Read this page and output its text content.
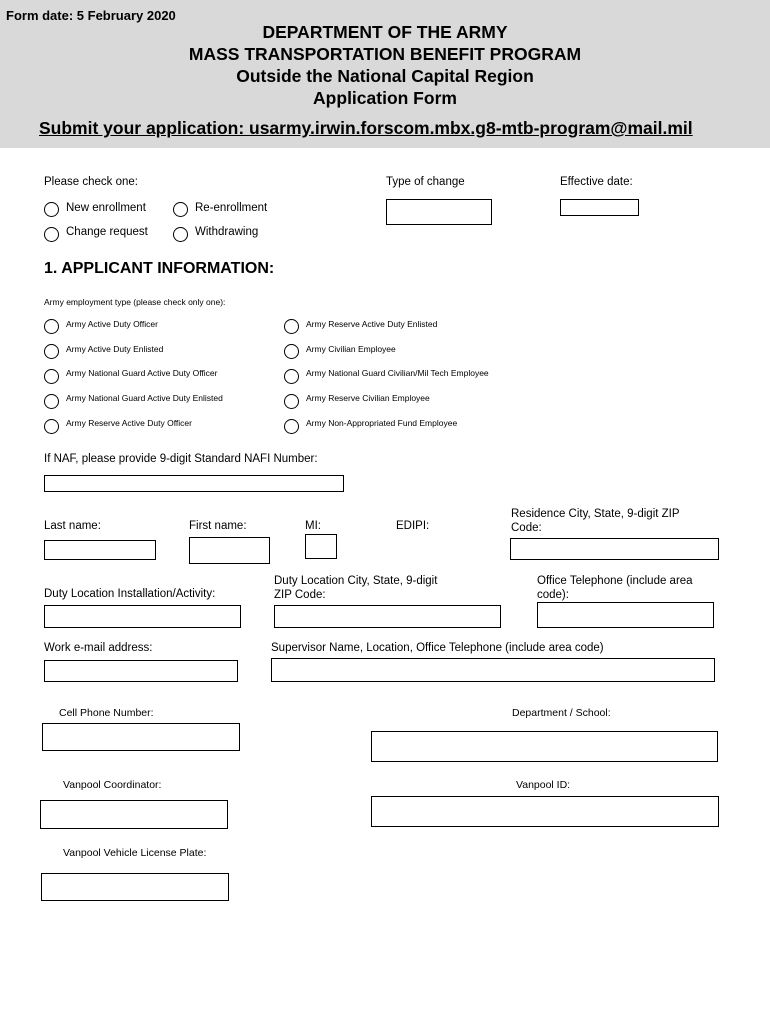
Form date: 5 February 2020
DEPARTMENT OF THE ARMY
MASS TRANSPORTATION BENEFIT PROGRAM
Outside the National Capital Region
Application Form
Submit your application: usarmy.irwin.forscom.mbx.g8-mtb-program@mail.mil
Please check one:
New enrollment	Re-enrollment
Change request	Withdrawing
Type of change	Effective date:
1. APPLICANT INFORMATION:
Army employment type (please check only one):
Army Active Duty Officer
Army Active Duty Enlisted
Army National Guard Active Duty Officer
Army National Guard Active Duty Enlisted
Army Reserve Active Duty Officer
Army Reserve Active Duty Enlisted
Army Civilian Employee
Army National Guard Civilian/Mil Tech Employee
Army Reserve Civilian Employee
Army Non-Appropriated Fund Employee
If NAF, please provide 9-digit Standard NAFI Number:
Last name:	First name:	MI:	EDIPI:
Residence City, State, 9-digit ZIP Code:
Duty Location Installation/Activity:
Duty Location City, State, 9-digit ZIP Code:
Office Telephone (include area code):
Work e-mail address:	Supervisor Name, Location, Office Telephone (include area code)
Cell Phone Number:	Department / School:
Vanpool Coordinator:	Vanpool ID:
Vanpool Vehicle License Plate:
